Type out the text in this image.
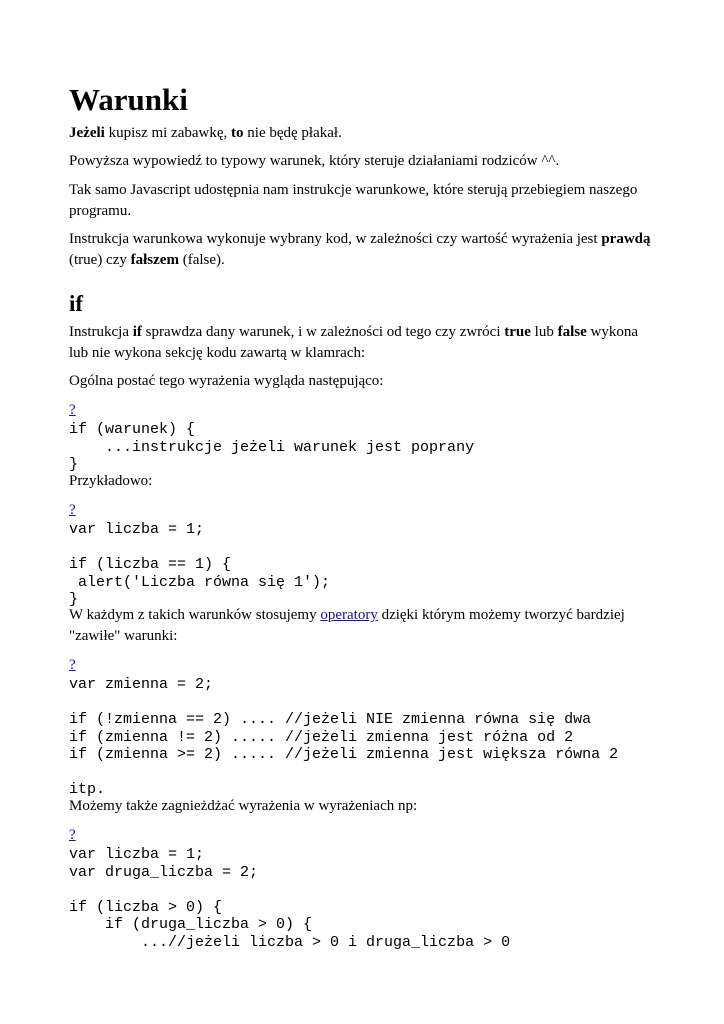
Warunki

Jeżeli kupisz mi zabawkę, to nie będę płakał.

Powyższa wypowiedź to typowy warunek, który steruje działaniami rodziców ^^.

Tak samo Javascript udostępnia nam instrukcje warunkowe, które sterują przebiegiem naszego programu.

Instrukcja warunkowa wykonuje wybrany kod, w zależności czy wartość wyrażenia jest prawdą (true) czy fałszem (false).

if

Instrukcja if sprawdza dany warunek, i w zależności od tego czy zwróci true lub false wykona lub nie wykona sekcję kodu zawartą w klamrach:

Ogólna postać tego wyrażenia wygląda następująco:

?
if (warunek) {
...instrukcje jeżeli warunek jest poprany
}

Przykładowo:

?
var liczba = 1;

if (liczba == 1) {
alert('Liczba równa się 1');
}

W każdym z takich warunków stosujemy operatory dzięki którym możemy tworzyć bardziej "zawiłe" warunki:

?
var zmienna = 2;

if (!zmienna == 2) .... //jeżeli NIE zmienna równa się dwa
if (zmienna != 2) ..... //jeżeli zmienna jest różna od 2
if (zmienna >= 2) ..... //jeżeli zmienna jest większa równa 2

itp.

Możemy także zagnieżdżać wyrażenia w wyrażeniach np:

?
var liczba = 1;
var druga_liczba = 2;

if (liczba > 0) {
if (druga_liczba > 0) {
...//jeżeli liczba > 0 i druga_liczba > 0
